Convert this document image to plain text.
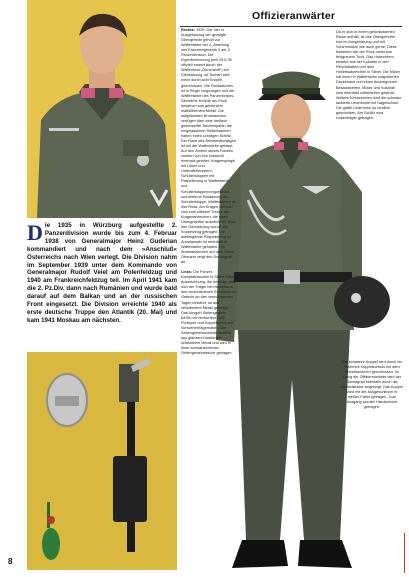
D ie 1935 in Würzburg aufgestellte 2. Panzerdivision wurde bis zum 4. Februar 1938 von Generalmajor Heinz Guderian kommandiert und nach dem »Anschluß« Österreichs nach Wien verlegt. Die Division nahm im September 1939 unter dem Kommando von Generalmajor Rudolf Veiel am Polenfeldzug und 1940 am Frankreichfeldzug teil. Im April 1941 kam die 2. Pz.Div. dann nach Rumänien und wurde bald darauf auf dem Balkan und an der russischen Front eingesetzt. Die Division erreichte 1940 als erste deutsche Truppe den Atlantik (20. Mai) und kam 1941 Moskau am nächsten.
Offizieranwärter
Rechts: 1939. Der hier in Ausgehanzug der gezeigte Obergefreite gehört zur Waffenfarbe der 2. Abteilung des Panzerregiments 3 der 2. Panzerdivision. Die Eigenbenennung (seit 29.5.35 offiziell ersetzt durch der Waffenrock „Generaloff“) am Dienstanzug, ist Tuchart weit wenn durch acht Knöpfe geschlossen. Die Rocktaschen ist in Regel vorgezogen und die Waffenfarbe des Panzerkorpes. Sämtliche Knöpfe am Rock bestehen aus gekörntem mattsilbernem Metall. Die aufgesetzten Brusttaschen verfügen über eine dreifach geschweifte Taschenpatte; die eingelassenen Seitentaschen haben einen schrägen Schlitz. Der Rand des Ärmelaufschlages ist mit der Waffenfarbe gefasst. Auf den Ärmeln dieses Rockes wurden von ihm kunstvoll ehemals gefaltet. Kragenspiegel mit Litzen und Unteroffiziersstern, Schulterklappen mit Paspelierung in Waffenfarbe und Schulterklappenrangzeichen und silberne Einfassung der Schulterklappe. Waffenfarben ist hier Rosa. Am Kragen befindet sich eine silberne Tresse als Kragenabzeichen, die einen Obergefreiten auszeichnet. Über den Dienstanzug wurde das Koppelzeug getragen. Die aufsteigende Paspelierung im Ärmelansatz ist ebenfalls in Waffenfarbe gehalten. Ein Ärmelabzeichen auf dem linken Oberarm zeigt den Dienstgrad an.

Links: Die Panzer-Kampfabzeichen in Silber. Diese Auszeichnung, die bezeugt, daß sich der Träger bei mindestens drei verschiedenen Einsätzen im Gefecht an drei verschiedenen Tagen bewährt, ist aus versilbertem Metall gefertigt. Das Ausgeh-Seitengewehr 84/98 mit verdorrtem Griff-Portepee und Koppelschuh am Schwerterträgerhaken. Die Seitengewehrscheide besteht aus glänzend lackiertem schwarzem Metall und wird in einer schwarzledernen Seitengewehrtasche getragen.
Da er sich in einem geschlossenen Raum aufhält, ist das Obergefreiter hier im Ausgehanzug und mit Schirmmütze wie auch gerne. Diese bestehen wie der Rock meist aus feldgrauem Tuch. Das Hutemblem besteht aus der Kokarde in den Reichsfarben und dem Hoheitsabzeichen in Silber. Die Mütze hat einen in Waffenfarbe paspelierten Deckelrand und einen dunkelgrünen Besatzstreifen. Mütze und Kokarde sind ebenfalls silberfarben gestickt. Weitere Kennzeichen sind die schwarz lackierte Ledersohle mit Nagelschutz. Die glatte Lederhose ist rundlich geschnitten. Am Schlitz sind Hosenträger getragen.
Der schwarze Koppel wird durch ein silbernes Koppelschloss mit dem Hoheitszeichen geschlossen. Im Rang der Offizieranwärter wird der Dienstgrad ebenfalls durch die Achselstücke angezeigt. Das Koppel wird mit der Ausgehuniform in weißer Farbe getragen. Zum Ausgang wurden Handschuhe getragen.
8
